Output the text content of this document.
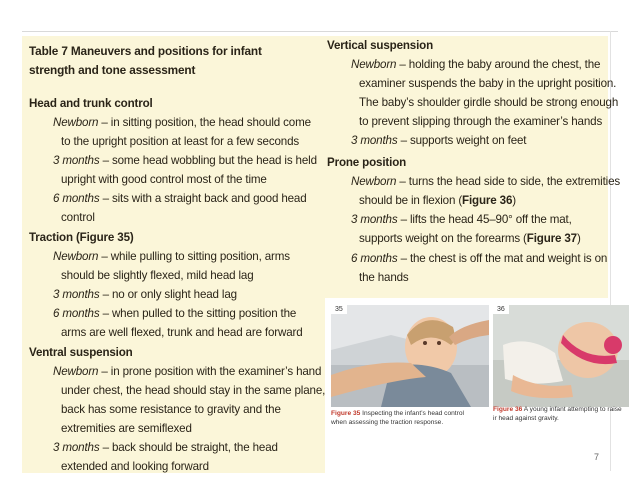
Table 7 Maneuvers and positions for infant
strength and tone assessment
Head and trunk control
Newborn – in sitting position, the head should come
to the upright position at least for a few seconds
3 months – some head wobbling but the head is held
upright with good control most of the time
6 months – sits with a straight back and good head
control
Traction (Figure 35)
Newborn – while pulling to sitting position, arms
should be slightly flexed, mild head lag
3 months – no or only slight head lag
6 months – when pulled to the sitting position the
arms are well flexed, trunk and head are forward
Ventral suspension
Newborn – in prone position with the examiner’s hand
under chest, the head should stay in the same plane,
back has some resistance to gravity and the
extremities are semiflexed
3 months – back should be straight, the head
extended and looking forward
Vertical suspension
Newborn – holding the baby around the chest, the
examiner suspends the baby in the upright position.
The baby’s shoulder girdle should be strong enough
to prevent slipping through the examiner’s hands
3 months – supports weight on feet
Prone position
Newborn – turns the head side to side, the extremities
should be in flexion (Figure 36)
3 months – lifts the head 45–90° off the mat,
supports weight on the forearms (Figure 37)
6 months – the chest is off the mat and weight is on
the hands
35	36
Figure 35 Inspecting the infant’s head control
when assessing the traction response.
Figure 36 A young infant attempting to raise
ir head against gravity.
7
